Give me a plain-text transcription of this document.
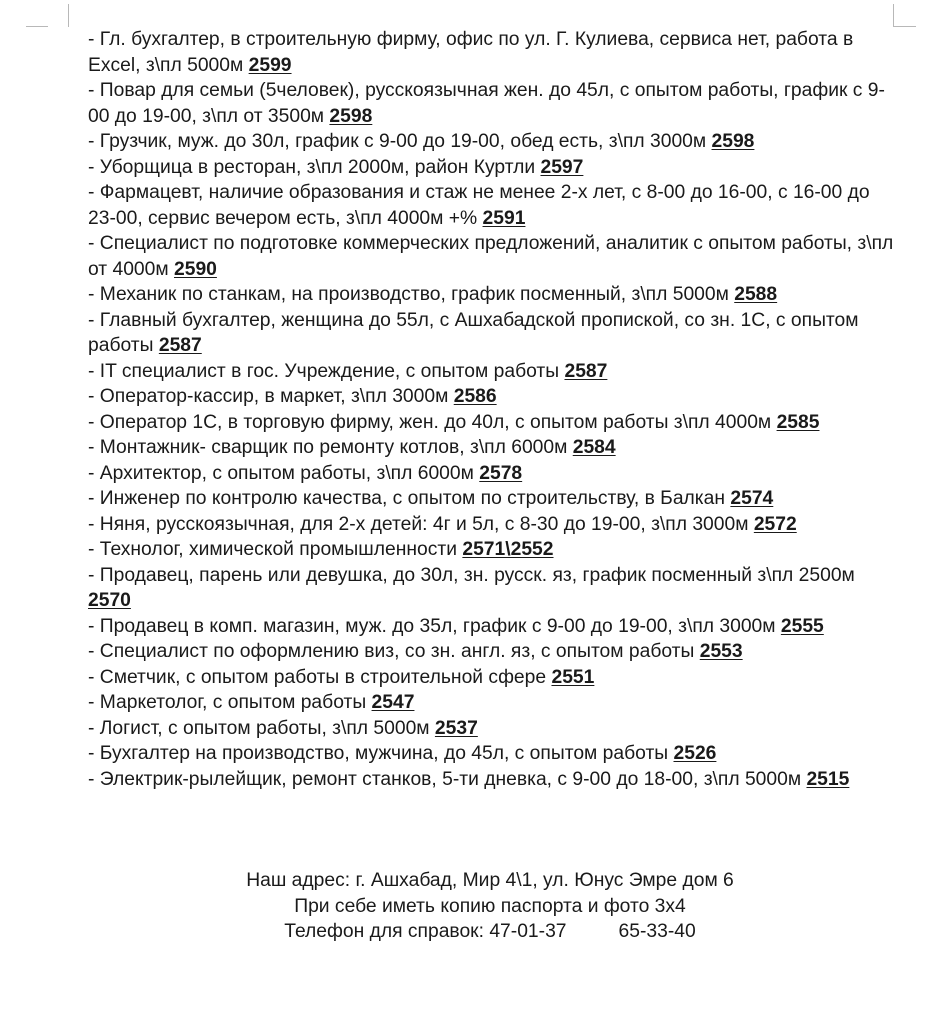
- Гл. бухгалтер, в строительную фирму, офис по ул. Г. Кулиева, сервиса нет, работа в Excel, з\пл 5000м 2599

- Повар для семьи (5человек), русскоязычная жен. до 45л, с опытом работы, график с 9-00 до 19-00, з\пл от 3500м 2598

- Грузчик, муж. до 30л, график с 9-00 до 19-00, обед есть, з\пл 3000м 2598

- Уборщица в ресторан, з\пл 2000м, район Куртли 2597

- Фармацевт, наличие образования и стаж не менее 2-х лет, с 8-00 до 16-00, с 16-00 до 23-00, сервис вечером есть, з\пл 4000м +% 2591

- Специалист по подготовке коммерческих предложений, аналитик с опытом работы, з\пл от 4000м 2590

- Механик по станкам, на производство, график посменный, з\пл 5000м 2588

- Главный бухгалтер, женщина до 55л, с Ашхабадской пропиской, со зн. 1С, с опытом работы 2587

- IT специалист в гос. Учреждение, с опытом работы 2587

- Оператор-кассир, в маркет, з\пл 3000м 2586

- Оператор 1С, в торговую фирму, жен. до 40л, с опытом работы з\пл 4000м 2585

- Монтажник- сварщик по ремонту котлов, з\пл 6000м 2584

- Архитектор, с опытом работы, з\пл 6000м 2578

- Инженер по контролю качества, с опытом по строительству, в Балкан 2574

- Няня, русскоязычная, для 2-х детей: 4г и 5л, с 8-30 до 19-00, з\пл 3000м 2572

- Технолог, химической промышленности 2571\2552

- Продавец, парень или девушка, до 30л, зн. русск. яз, график посменный з\пл 2500м 2570

- Продавец в комп. магазин, муж. до 35л, график с 9-00 до 19-00, з\пл 3000м 2555

- Специалист по оформлению виз, со зн. англ. яз, с опытом работы 2553

- Сметчик, с опытом работы в строительной сфере 2551

- Маркетолог, с опытом работы 2547

- Логист, с опытом работы, з\пл 5000м 2537

- Бухгалтер на производство, мужчина, до 45л, с опытом работы 2526

- Электрик-рылейщик, ремонт станков, 5-ти дневка, с 9-00 до 18-00, з\пл 5000м 2515

Наш адрес: г. Ашхабад, Мир 4\1, ул. Юнус Эмре дом 6

При себе иметь копию паспорта и фото 3х4

Телефон для справок: 47-01-37	65-33-40
